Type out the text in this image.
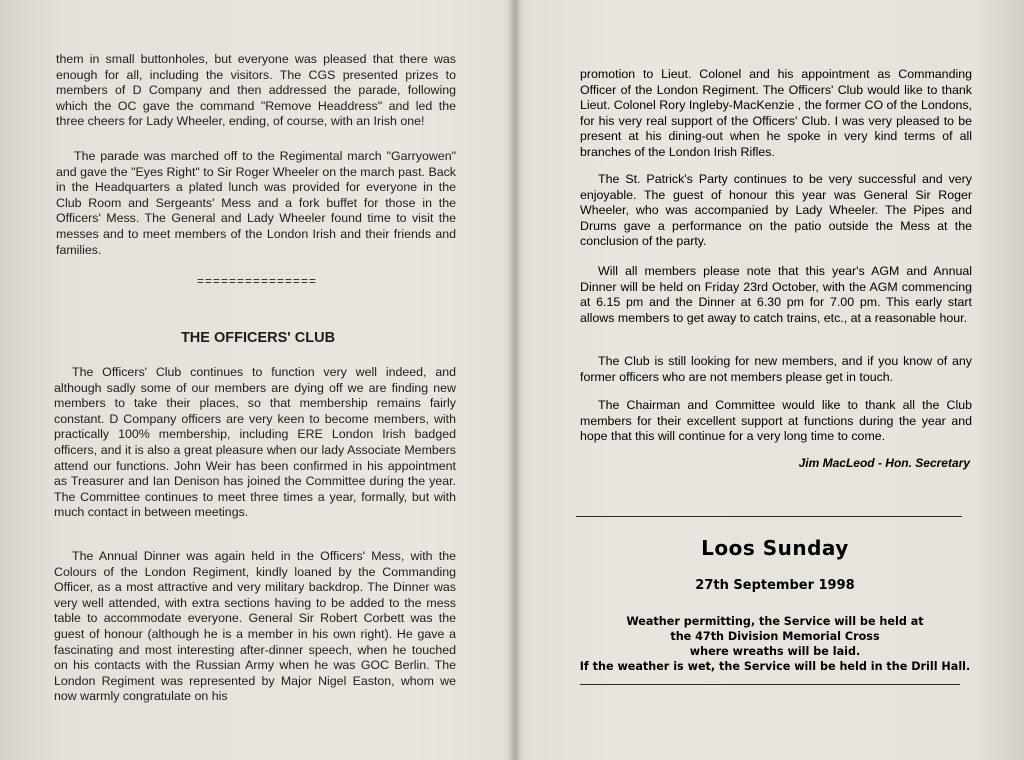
them in small buttonholes, but everyone was pleased that there was enough for all, including the visitors. The CGS presented prizes to members of D Company and then addressed the parade, following which the OC gave the command "Remove Headdress" and led the three cheers for Lady Wheeler, ending, of course, with an Irish one!

The parade was marched off to the Regimental march "Garryowen" and gave the "Eyes Right" to Sir Roger Wheeler on the march past. Back in the Headquarters a plated lunch was provided for everyone in the Club Room and Sergeants' Mess and a fork buffet for those in the Officers' Mess. The General and Lady Wheeler found time to visit the messes and to meet members of the London Irish and their friends and families.

===============

THE OFFICERS' CLUB

The Officers' Club continues to function very well indeed, and although sadly some of our members are dying off we are finding new members to take their places, so that membership remains fairly constant. D Company officers are very keen to become members, with practically 100% membership, including ERE London Irish badged officers, and it is also a great pleasure when our lady Associate Members attend our functions. John Weir has been confirmed in his appointment as Treasurer and Ian Denison has joined the Committee during the year. The Committee continues to meet three times a year, formally, but with much contact in between meetings.

The Annual Dinner was again held in the Officers' Mess, with the Colours of the London Regiment, kindly loaned by the Commanding Officer, as a most attractive and very military backdrop. The Dinner was very well attended, with extra sections having to be added to the mess table to accommodate everyone. General Sir Robert Corbett was the guest of honour (although he is a member in his own right). He gave a fascinating and most interesting after-dinner speech, when he touched on his contacts with the Russian Army when he was GOC Berlin. The London Regiment was represented by Major Nigel Easton, whom we now warmly congratulate on his

promotion to Lieut. Colonel and his appointment as Commanding Officer of the London Regiment. The Officers' Club would like to thank Lieut. Colonel Rory Ingleby-MacKenzie , the former CO of the Londons, for his very real support of the Officers' Club. I was very pleased to be present at his dining-out when he spoke in very kind terms of all branches of the London Irish Rifles.

The St. Patrick's Party continues to be very successful and very enjoyable. The guest of honour this year was General Sir Roger Wheeler, who was accompanied by Lady Wheeler. The Pipes and Drums gave a performance on the patio outside the Mess at the conclusion of the party.

Will all members please note that this year's AGM and Annual Dinner will be held on Friday 23rd October, with the AGM commencing at 6.15 pm and the Dinner at 6.30 pm for 7.00 pm. This early start allows members to get away to catch trains, etc., at a reasonable hour.

The Club is still looking for new members, and if you know of any former officers who are not members please get in touch.

The Chairman and Committee would like to thank all the Club members for their excellent support at functions during the year and hope that this will continue for a very long time to come.

Jim MacLeod - Hon. Secretary

Loos Sunday

27th September 1998

Weather permitting, the Service will be held at

the 47th Division Memorial Cross

where wreaths will be laid.

If the weather is wet, the Service will be held in the Drill Hall.
